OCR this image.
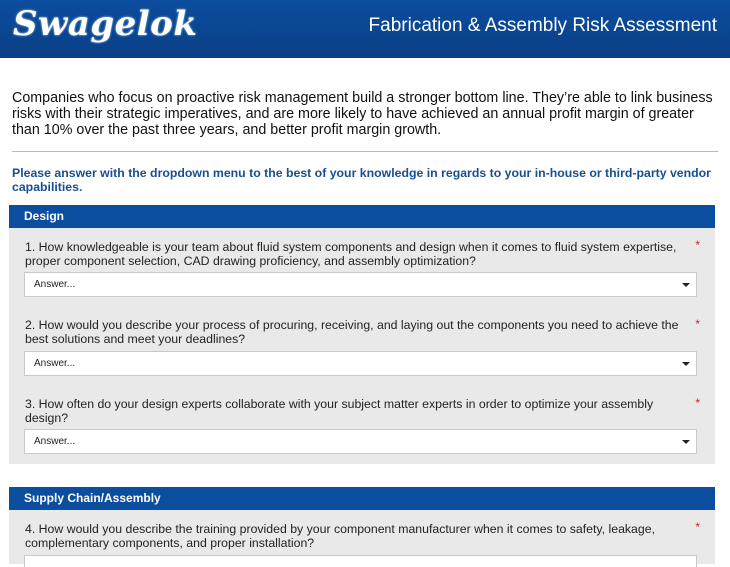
Swagelok	Fabrication & Assembly Risk Assessment
Companies who focus on proactive risk management build a stronger bottom line. They’re able to link business risks with their strategic imperatives, and are more likely to have achieved an annual profit margin of greater than 10% over the past three years, and better profit margin growth.
Please answer with the dropdown menu to the best of your knowledge in regards to your in-house or third-party vendor capabilities.
Design
1. How knowledgeable is your team about fluid system components and design when it comes to fluid system expertise, proper component selection, CAD drawing proficiency, and assembly optimization?
*
Answer...
2. How would you describe your process of procuring, receiving, and laying out the components you need to achieve the best solutions and meet your deadlines?
*
Answer...
3. How often do your design experts collaborate with your subject matter experts in order to optimize your assembly design?
*
Answer...
Supply Chain/Assembly
4. How would you describe the training provided by your component manufacturer when it comes to safety, leakage, complementary components, and proper installation?
*
